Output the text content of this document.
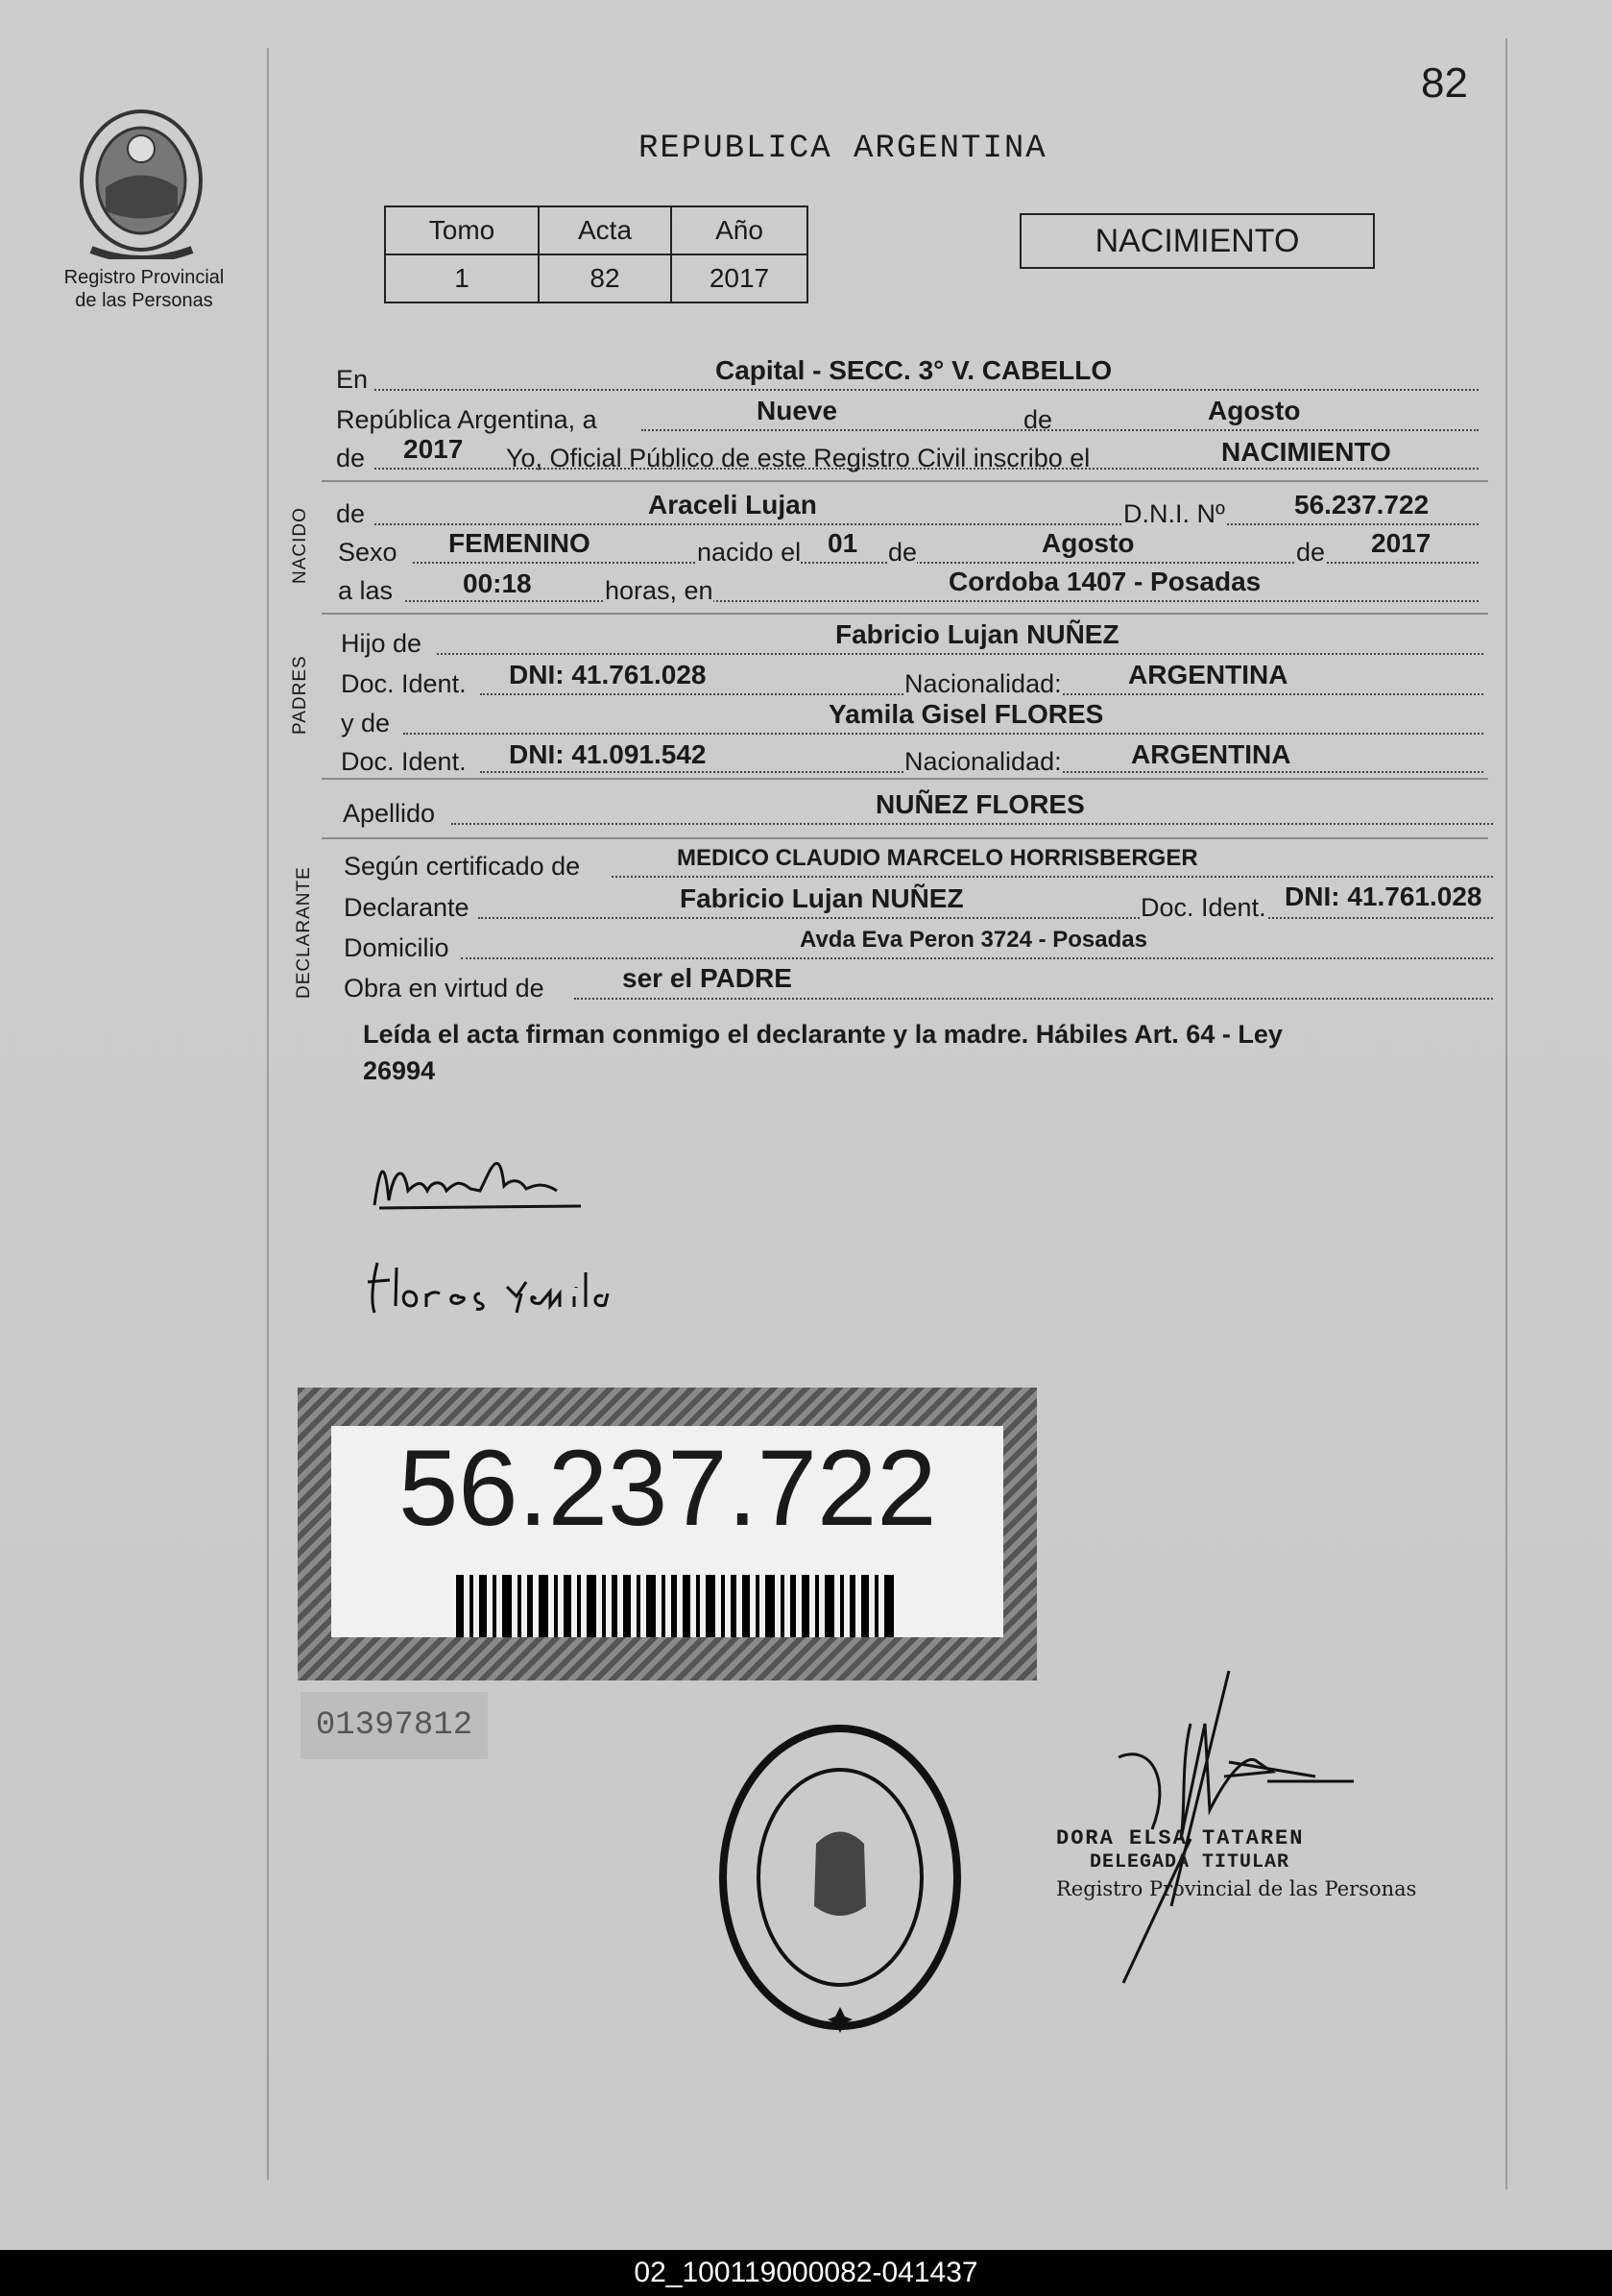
82
Registro Provincial
de las Personas
REPUBLICA ARGENTINA
Tomo	Acta	Año
1	82	2017
NACIMIENTO
En	Capital - SECC. 3° V. CABELLO
República Argentina, a	Nueve	de	Agosto
de 2017 Yo, Oficial Público de este Registro Civil inscribo el	NACIMIENTO
NACIDO de	Araceli Lujan	D.N.I. Nº	56.237.722
Sexo FEMENINO	nacido el 01 de	Agosto	de 2017
a las	00:18	horas, en	Cordoba 1407 - Posadas
PADRES
Hijo de	Fabricio Lujan NUÑEZ
Doc. Ident. DNI: 41.761.028	Nacionalidad: ARGENTINA
y de	Yamila Gisel FLORES
Doc. Ident. DNI: 41.091.542	Nacionalidad:	ARGENTINA
Apellido	NUÑEZ FLORES
DECLARANTE
Según certificado de	MEDICO CLAUDIO MARCELO HORRISBERGER
Declarante	Fabricio Lujan NUÑEZ	Doc. Ident. DNI: 41.761.028
Domicilio	Avda Eva Peron 3724 - Posadas
Obra en virtud de	ser el PADRE
Leída el acta firman conmigo el declarante y la madre. Hábiles Art. 64 - Ley
26994
56.237.722
01397812
DORA ELSA TATAREN
DELEGADA TITULAR
Registro Provincial de las Personas
02_100119000082-041437
